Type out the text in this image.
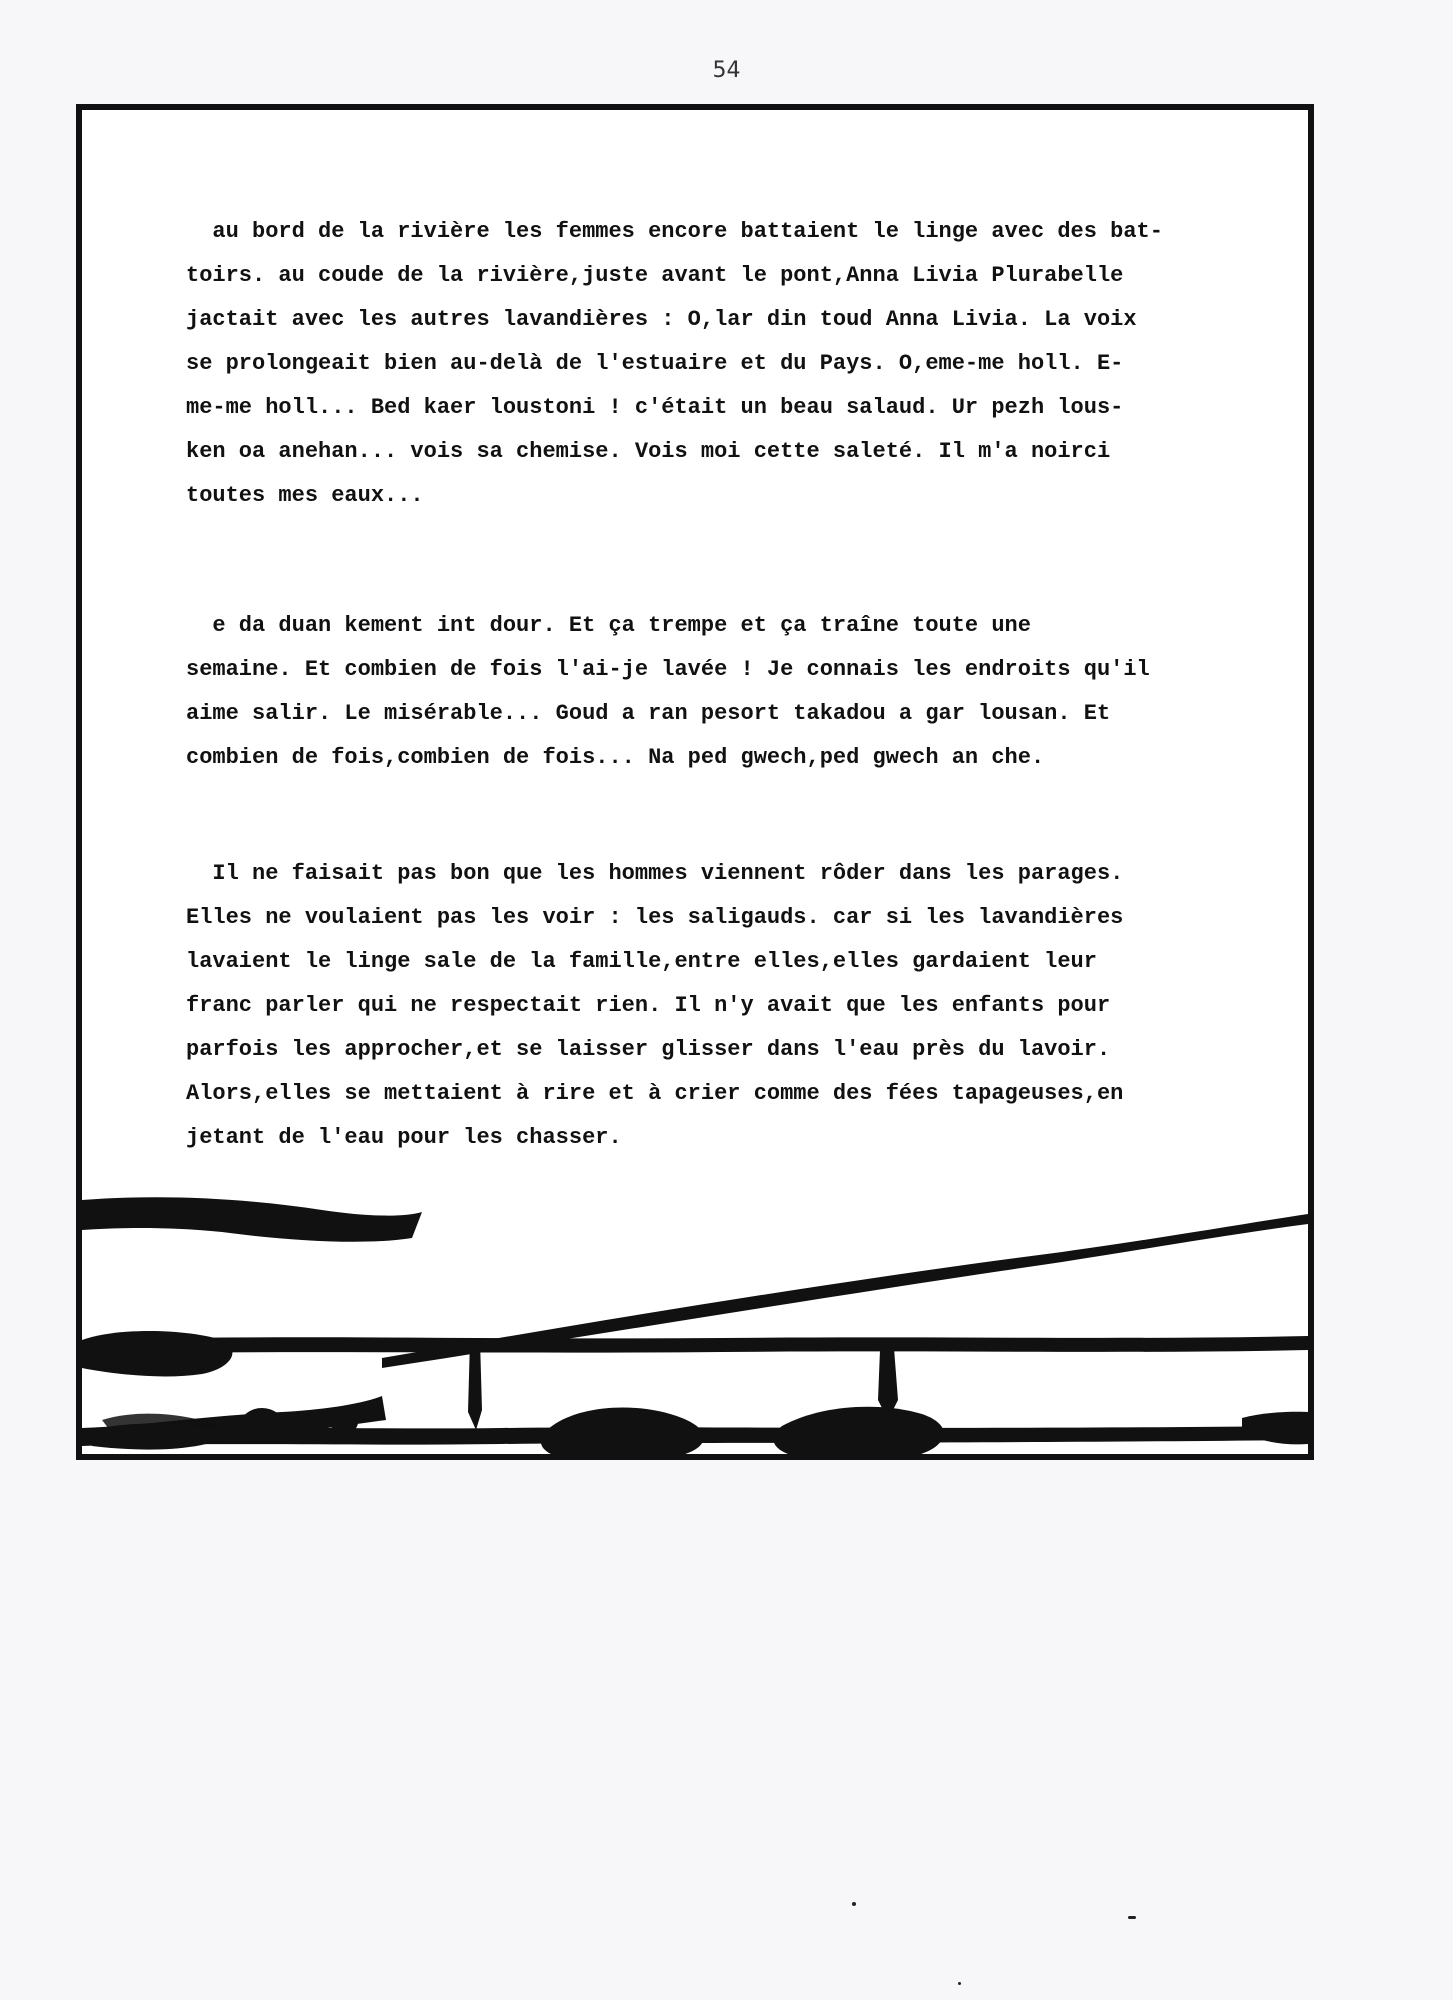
54
au bord de la rivière les femmes encore battaient le linge avec des bat-
toirs. au coude de la rivière,juste avant le pont,Anna Livia Plurabelle
jactait avec les autres lavandières : O,lar din toud Anna Livia. La voix
se prolongeait bien au-delà de l'estuaire et du Pays. O,eme-me holl. E-
me-me holl... Bed kaer loustoni ! c'était un beau salaud. Ur pezh lous-
ken oa anehan... vois sa chemise. Vois moi cette saleté. Il m'a noirci
toutes mes eaux...
e da duan kement int dour. Et ça trempe et ça traîne toute une
semaine. Et combien de fois l'ai-je lavée ! Je connais les endroits qu'il
aime salir. Le misérable... Goud a ran pesort takadou a gar lousan. Et
combien de fois,combien de fois... Na ped gwech,ped gwech an che.
Il ne faisait pas bon que les hommes viennent rôder dans les parages.
Elles ne voulaient pas les voir : les saligauds. car si les lavandières
lavaient le linge sale de la famille,entre elles,elles gardaient leur
franc parler qui ne respectait rien. Il n'y avait que les enfants pour
parfois les approcher,et se laisser glisser dans l'eau près du lavoir.
Alors,elles se mettaient à rire et à crier comme des fées tapageuses,en
jetant de l'eau pour les chasser.
